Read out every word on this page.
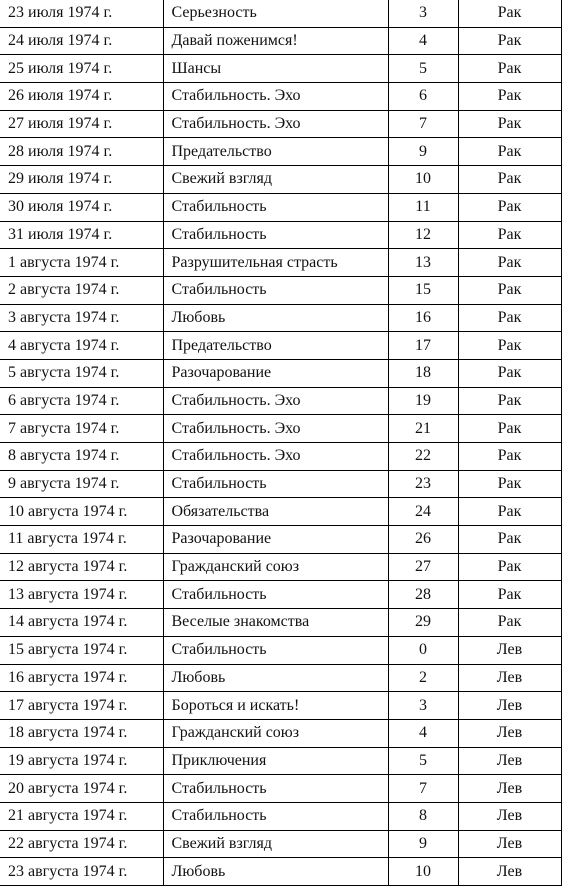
23 июля 1974 г.	Серьезность	3	Рак
24 июля 1974 г.	Давай поженимся!	4	Рак
25 июля 1974 г.	Шансы	5	Рак
26 июля 1974 г.	Стабильность. Эхо	6	Рак
27 июля 1974 г.	Стабильность. Эхо	7	Рак
28 июля 1974 г.	Предательство	9	Рак
29 июля 1974 г.	Свежий взгляд	10	Рак
30 июля 1974 г.	Стабильность	11	Рак
31 июля 1974 г.	Стабильность	12	Рак
1 августа 1974 г.	Разрушительная страсть	13	Рак
2 августа 1974 г.	Стабильность	15	Рак
3 августа 1974 г.	Любовь	16	Рак
4 августа 1974 г.	Предательство	17	Рак
5 августа 1974 г.	Разочарование	18	Рак
6 августа 1974 г.	Стабильность. Эхо	19	Рак
7 августа 1974 г.	Стабильность. Эхо	21	Рак
8 августа 1974 г.	Стабильность. Эхо	22	Рак
9 августа 1974 г.	Стабильность	23	Рак
10 августа 1974 г.	Обязательства	24	Рак
11 августа 1974 г.	Разочарование	26	Рак
12 августа 1974 г.	Гражданский союз	27	Рак
13 августа 1974 г.	Стабильность	28	Рак
14 августа 1974 г.	Веселые знакомства	29	Рак
15 августа 1974 г.	Стабильность	0	Лев
16 августа 1974 г.	Любовь	2	Лев
17 августа 1974 г.	Бороться и искать!	3	Лев
18 августа 1974 г.	Гражданский союз	4	Лев
19 августа 1974 г.	Приключения	5	Лев
20 августа 1974 г.	Стабильность	7	Лев
21 августа 1974 г.	Стабильность	8	Лев
22 августа 1974 г.	Свежий взгляд	9	Лев
23 августа 1974 г.	Любовь	10	Лев
